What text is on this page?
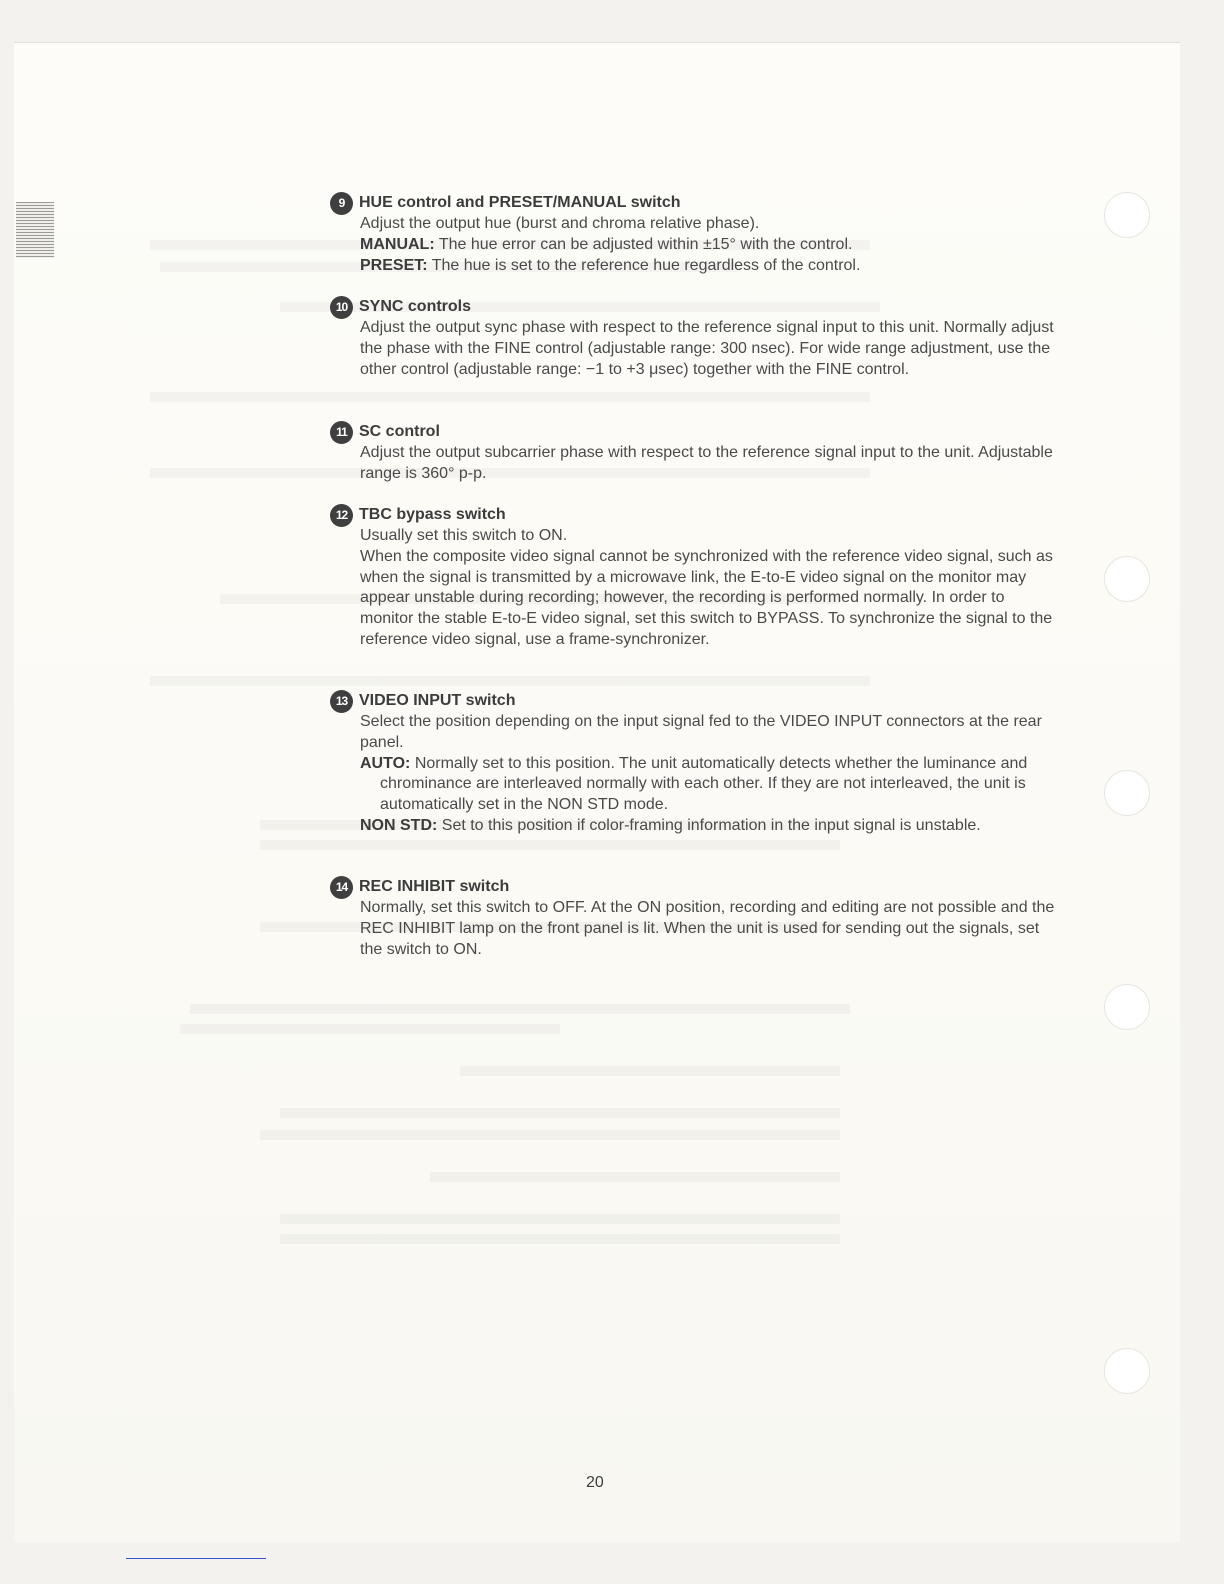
9 HUE control and PRESET/MANUAL switch

Adjust the output hue (burst and chroma relative phase).

MANUAL: The hue error can be adjusted within ±15° with the control.

PRESET: The hue is set to the reference hue regardless of the control.

10 SYNC controls

Adjust the output sync phase with respect to the reference signal input to this unit. Normally adjust the phase with the FINE control (adjustable range: 300 nsec). For wide range adjustment, use the other control (adjustable range: −1 to +3 μsec) together with the FINE control.

11 SC control

Adjust the output subcarrier phase with respect to the reference signal input to the unit. Adjustable range is 360° p-p.

12 TBC bypass switch

Usually set this switch to ON.

When the composite video signal cannot be synchronized with the reference video signal, such as when the signal is transmitted by a microwave link, the E-to-E video signal on the monitor may appear unstable during recording; however, the recording is performed normally. In order to monitor the stable E-to-E video signal, set this switch to BYPASS. To synchronize the signal to the reference video signal, use a frame-synchronizer.

13 VIDEO INPUT switch

Select the position depending on the input signal fed to the VIDEO INPUT connectors at the rear panel.

AUTO: Normally set to this position. The unit automatically detects whether the luminance and chrominance are interleaved normally with each other. If they are not interleaved, the unit is automatically set in the NON STD mode.

NON STD: Set to this position if color-framing information in the input signal is unstable.

14 REC INHIBIT switch

Normally, set this switch to OFF. At the ON position, recording and editing are not possible and the REC INHIBIT lamp on the front panel is lit. When the unit is used for sending out the signals, set the switch to ON.

20
